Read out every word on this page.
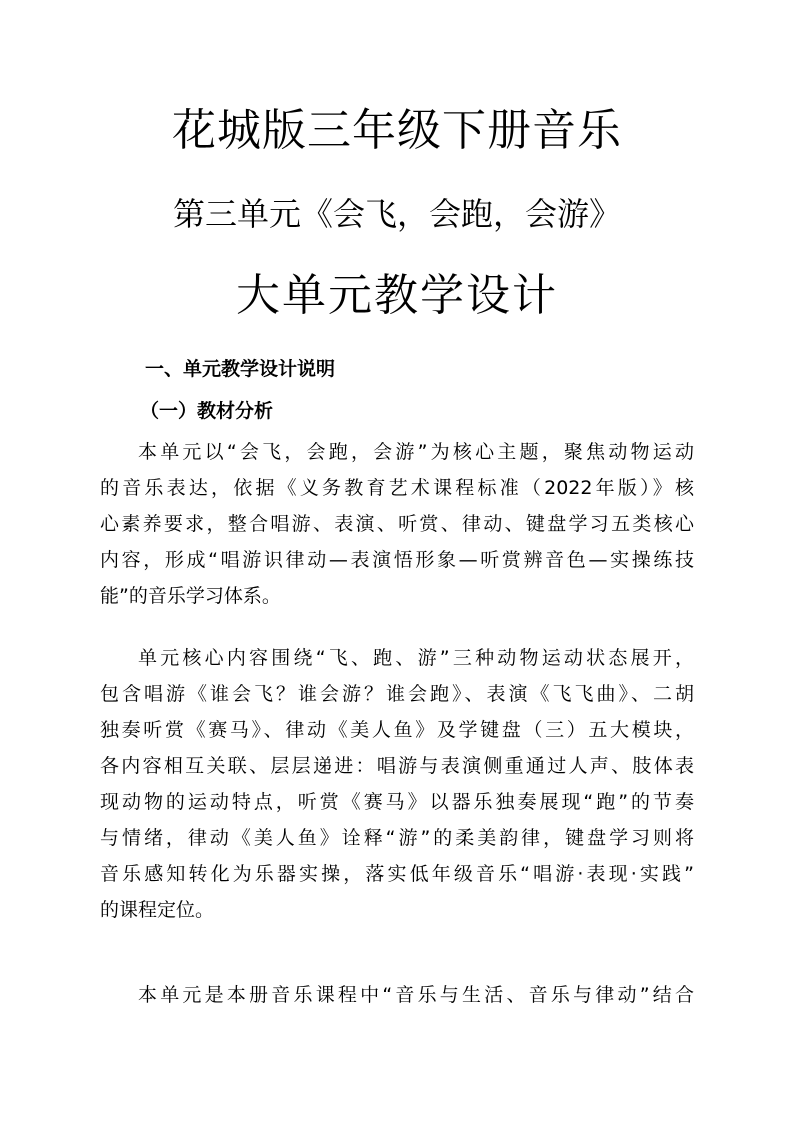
花城版三年级下册音乐
第三单元《会飞，会跑，会游》
大单元教学设计
一、单元教学设计说明
（一）教材分析
本单元以“会飞，会跑，会游”为核心主题，聚焦动物运动
的音乐表达，依据《义务教育艺术课程标准（2022年版）》核
心素养要求，整合唱游、表演、听赏、律动、键盘学习五类核心
内容，形成“唱游识律动—表演悟形象—听赏辨音色—实操练技
能”的音乐学习体系。
单元核心内容围绕“飞、跑、游”三种动物运动状态展开，
包含唱游《谁会飞？谁会游？谁会跑》、表演《飞飞曲》、二胡
独奏听赏《赛马》、律动《美人鱼》及学键盘（三）五大模块，
各内容相互关联、层层递进：唱游与表演侧重通过人声、肢体表
现动物的运动特点，听赏《赛马》以器乐独奏展现“跑”的节奏
与情绪，律动《美人鱼》诠释“游”的柔美韵律，键盘学习则将
音乐感知转化为乐器实操，落实低年级音乐“唱游·表现·实践”
的课程定位。
本单元是本册音乐课程中“音乐与生活、音乐与律动”结合
